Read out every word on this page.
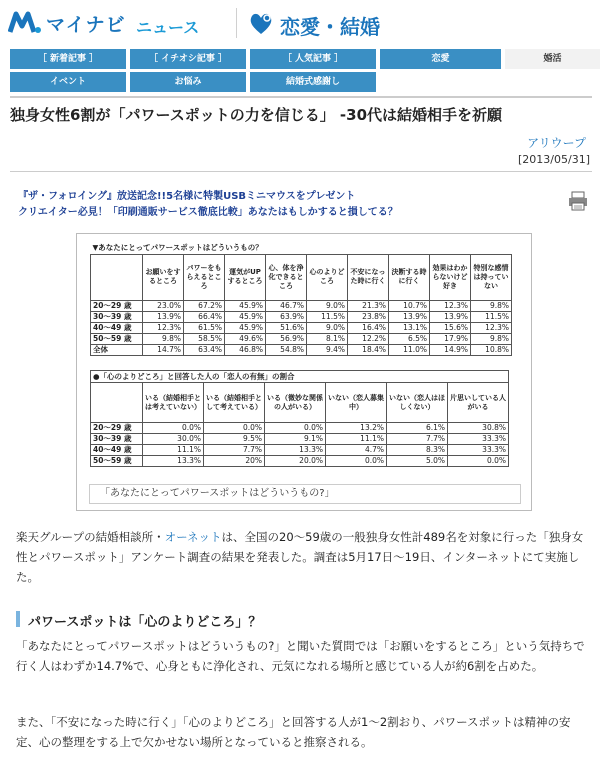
マイナビ ニュース	恋愛・結婚
［ 新着記事 ］	［ イチオシ記事 ］	［ 人気記事 ］	恋愛	婚活
イベント	お悩み	結婚式感謝し
独身女性6割が「パワースポットの力を信じる」 -30代は結婚相手を祈願
アリウープ
[2013/05/31]
『ザ・フォロイング』放送記念!!5名様に特製USBミニマウスをプレゼント
クリエイター必見！「印刷通販サービス徹底比較」あなたはもしかすると損してる？
▼あなたにとってパワースポットはどういうもの？									
	お願いをするところ	パワーをもらえるところ	運気がUPするところ	心、体を浄化できるところ	心のよりどころ	不安になった時に行く	決断する時に行く	効果はわからないけど好き	特別な感情は持っていない
20〜29 歳	23.0%	67.2%	45.9%	46.7%	9.0%	21.3%	10.7%	12.3%	9.8%
30〜39 歳	13.9%	66.4%	45.9%	63.9%	11.5%	23.8%	13.9%	13.9%	11.5%
40〜49 歳	12.3%	61.5%	45.9%	51.6%	9.0%	16.4%	13.1%	15.6%	12.3%
50〜59 歳	9.8%	58.5%	49.6%	56.9%	8.1%	12.2%	6.5%	17.9%	9.8%
全体	14.7%	63.4%	46.8%	54.8%	9.4%	18.4%	11.0%	14.9%	10.8%
●「心のよりどころ」と回答した人の「恋人の有無」の割合						
	いる（結婚相手とは考えていない）	いる（結婚相手として考えている）	いる（微妙な関係の人がいる）	いない（恋人募集中）	いない（恋人はほしくない）	片思いしている人がいる
20〜29 歳	0.0%	0.0%	0.0%	13.2%	6.1%	30.8%
30〜39 歳	30.0%	9.5%	9.1%	11.1%	7.7%	33.3%
40〜49 歳	11.1%	7.7%	13.3%	4.7%	8.3%	33.3%
50〜59 歳	13.3%	20%	20.0%	0.0%	5.0%	0.0%
「あなたにとってパワースポットはどういうもの?」
楽天グループの結婚相談所・オーネットは、全国の20〜59歳の一般独身女性計489名を対象に行った「独身女性とパワースポット」アンケート調査の結果を発表した。調査は5月17日〜19日、インターネットにて実施した。
パワースポットは「心のよりどころ」？
「あなたにとってパワースポットはどういうもの?」と聞いた質問では「お願いをするところ」という気持ちで行く人はわずか14.7%で、心身ともに浄化され、元気になれる場所と感じている人が約6割を占めた。
また、「不安になった時に行く」「心のよりどころ」と回答する人が1〜2割おり、パワースポットは精神の安定、心の整理をする上で欠かせない場所となっていると推察される。
